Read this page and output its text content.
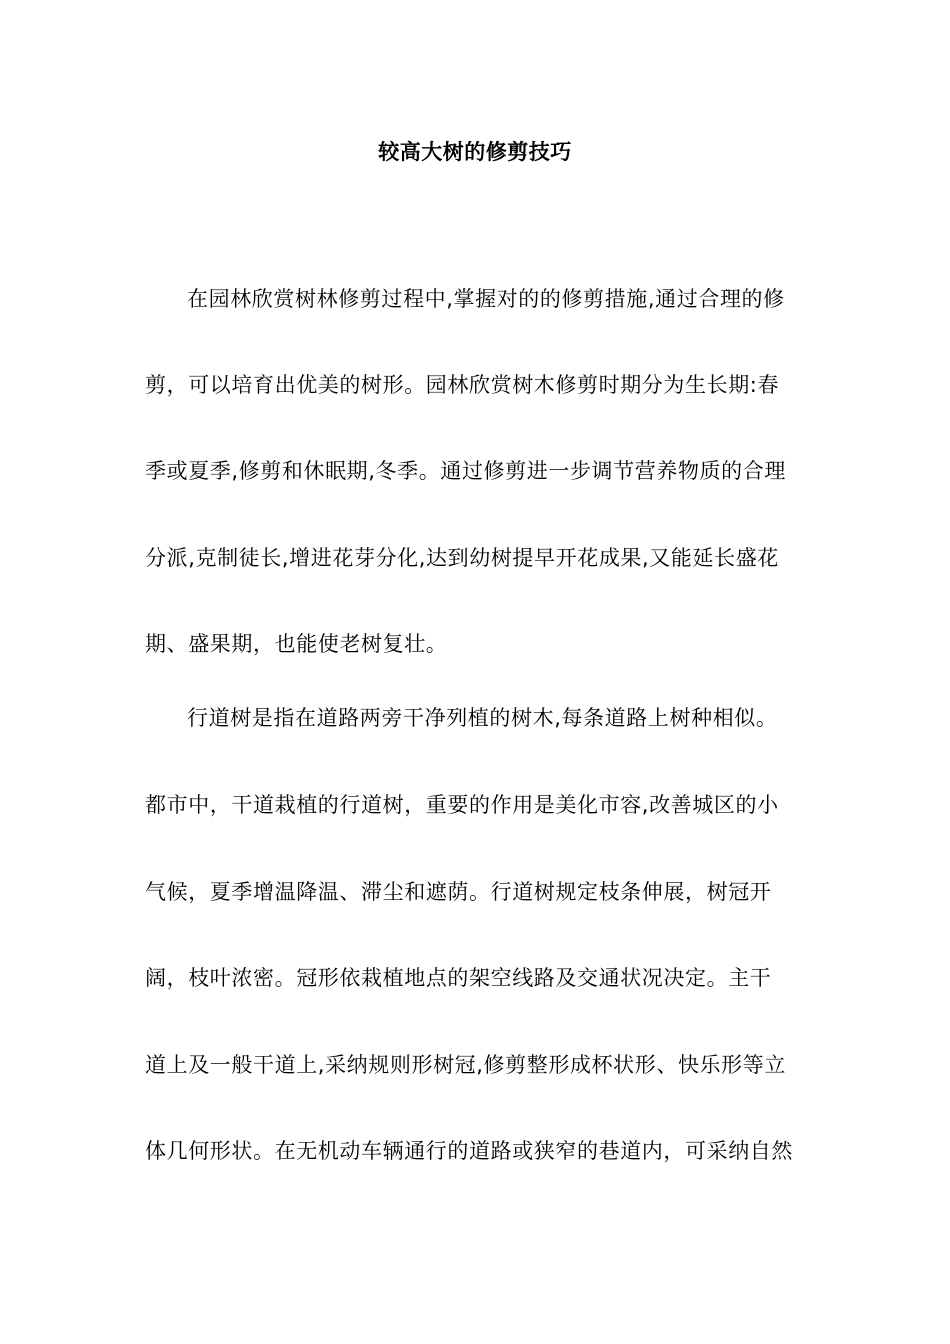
较高大树的修剪技巧
在园林欣赏树林修剪过程中,掌握对的的修剪措施,通过合理的修
剪，可以培育出优美的树形。园林欣赏树木修剪时期分为生长期:春
季或夏季,修剪和休眠期,冬季。通过修剪进一步调节营养物质的合理
分派,克制徒长,增进花芽分化,达到幼树提早开花成果,又能延长盛花
期、盛果期，也能使老树复壮。
行道树是指在道路两旁干净列植的树木,每条道路上树种相似。
都市中，干道栽植的行道树，重要的作用是美化市容,改善城区的小
气候，夏季增温降温、滞尘和遮荫。行道树规定枝条伸展，树冠开
阔，枝叶浓密。冠形依栽植地点的架空线路及交通状况决定。主干
道上及一般干道上,采纳规则形树冠,修剪整形成杯状形、快乐形等立
体几何形状。在无机动车辆通行的道路或狭窄的巷道内，可采纳自然
